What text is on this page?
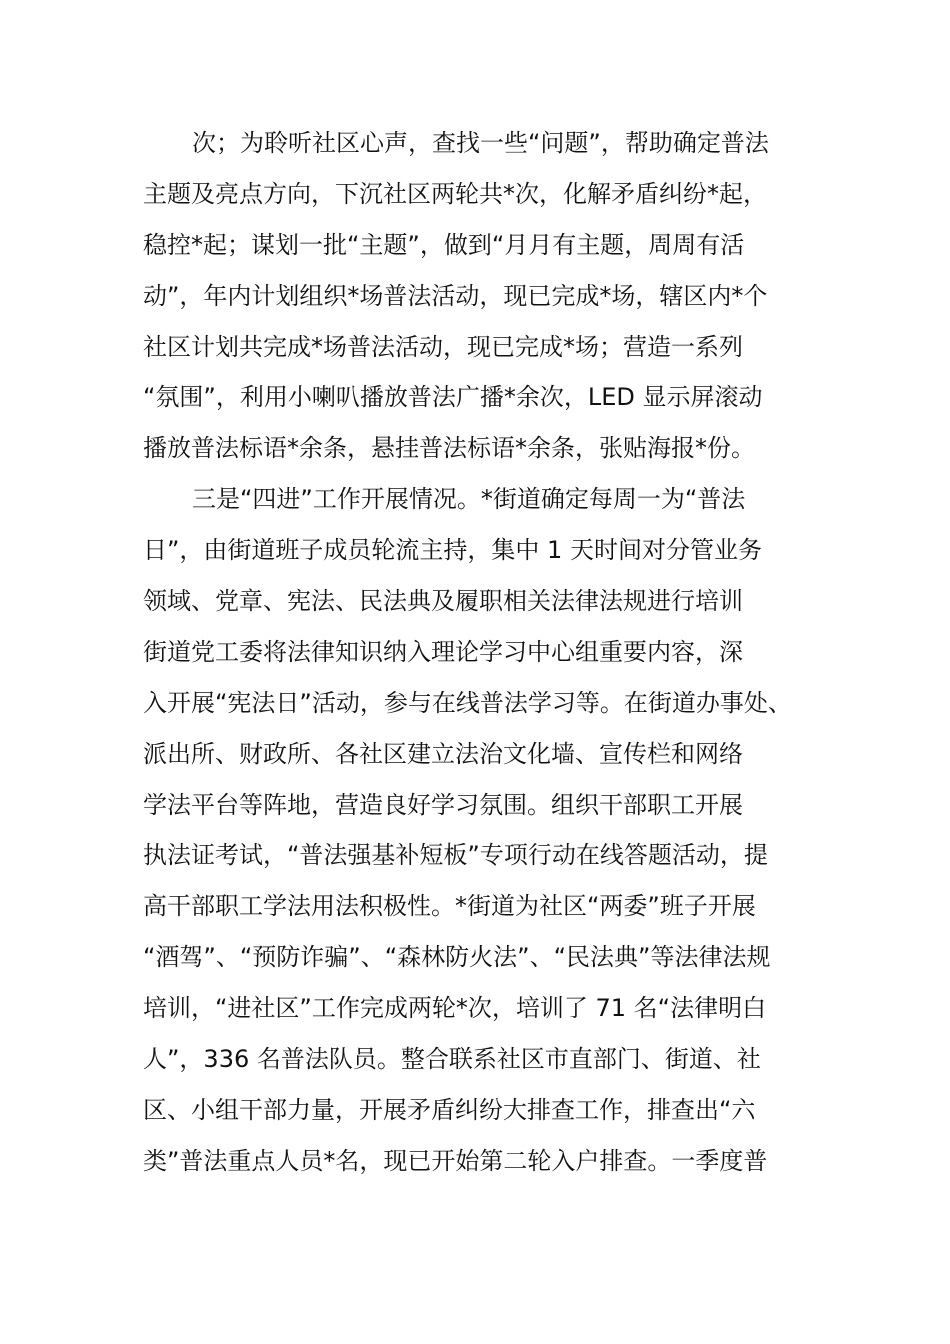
次；为聆听社区心声，查找一些“问题”，帮助确定普法

主题及亮点方向，下沉社区两轮共*次，化解矛盾纠纷*起，

稳控*起；谋划一批“主题”，做到“月月有主题，周周有活

动”，年内计划组织*场普法活动，现已完成*场，辖区内*个

社区计划共完成*场普法活动，现已完成*场；营造一系列

“氛围”，利用小喇叭播放普法广播*余次，LED 显示屏滚动

播放普法标语*余条，悬挂普法标语*余条，张贴海报*份。

三是“四进”工作开展情况。*街道确定每周一为“普法

日”，由街道班子成员轮流主持，集中 1 天时间对分管业务

领域、党章、宪法、民法典及履职相关法律法规进行培训

街道党工委将法律知识纳入理论学习中心组重要内容，深

入开展“宪法日”活动，参与在线普法学习等。在街道办事处、

派出所、财政所、各社区建立法治文化墙、宣传栏和网络

学法平台等阵地，营造良好学习氛围。组织干部职工开展

执法证考试，“普法强基补短板”专项行动在线答题活动，提

高干部职工学法用法积极性。*街道为社区“两委”班子开展

“酒驾”、“预防诈骗”、“森林防火法”、“民法典”等法律法规

培训，“进社区”工作完成两轮*次，培训了 71 名“法律明白

人”，336 名普法队员。整合联系社区市直部门、街道、社

区、小组干部力量，开展矛盾纠纷大排查工作，排查出“六

类”普法重点人员*名，现已开始第二轮入户排查。一季度普
